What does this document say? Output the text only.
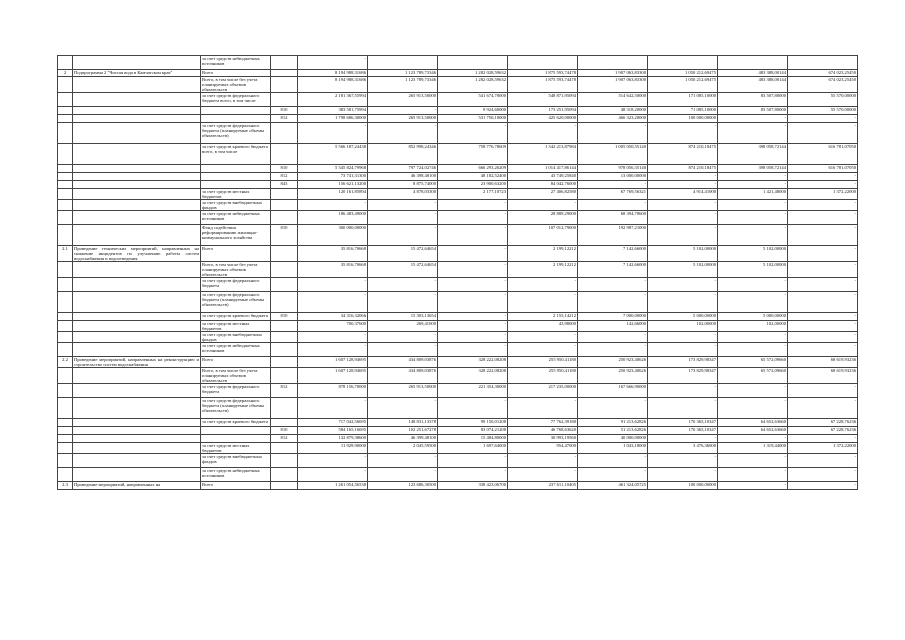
		за счет средств небюджетных источников		-							
2	Подпрограмма 2 "Чистая вода в Камчатском крае"	Всего		8 194 988,31686	1 123 789,73346	1 282 028,59632	1 875 593,74478	1 907 063,83300	1 050 212,69475	483 388,00144	674 023,25450
		Всего, в том числе без учета планируемых объемов обязательств		8 194 988,31686	1 123 789,73346	1 282 028,59632	1 875 593,74478	1 907 063,83300	1 050 212,69475	483 388,00144	674 023,25450
		за счет средств федерального бюджета всего, в том числе		2 181 367,55994	265 913,50000	541 674,70000	548 871,95094	514 642,50000	171 085,10000	83 507,80000	55 570,00000
			810	383 581,75994	-	9 924,60000	173 251,95094	48 318,20000	71 085,10000	83 507,80000	55 570,00000
			812	1 798 686,30000	265 913,50000	531 750,10000	425 620,00000	466 323,20000	100 000,00000	-	-
		за счет средств федерального бюджета (планируемые объемы обязательств)		-	-	-	-	-	-	-	-
		за счет средств краевого бюджета всего, в том числе		5 566 187,24438	852 998,24346	758 776,78609	1 342 213,87984	1 005 050,55140	874 210,18475	398 058,72144	616 781,07050
			810	5 345 824,79968	797 724,02746	666 293,26209	1 014 417,86144	978 056,35140	874 210,18475	398 058,72144	616 781,07050
			812	73 741,31300	46 398,48100	48 182,52400	43 749,25840	13 000,00000	-	-	-
			843	156 621,13200	8 875,74000	23 900,63200	84 042,76000	-	-	-	-
		за счет средств местных бюджетов		120 161,85894	4 878,03300	2 177,10723	27 406,82580	67 769,56321	4 914,41000	1 421,48000	1 372,22000
		за счет средств внебюджетных фондов		-	-	-	-	-	-	-	-
		за счет средств небюджетных источников		186 483,49000	-	-	28 889,29000	68 394,78600	-	-	-
		Фонд содействия реформированию жилищно-коммунального хозяйства	810	300 000,00000	-	-	107 012,79000	192 987,21000	-	-	-
2.1	Проведение технических мероприятий, направленных на снижение инцидентов по улучшению работы систем водоснабжения и водоотведения	Всего		35 816,70668	15 472,64654	-	2 199,12212	7 142,66000	5 102,00000	5 102,00000	-
		Всего, в том числе без учета планируемых объемов обязательств		35 816,70668	15 472,64654	-	2 199,12212	7 142,66000	5 102,00000	5 102,00000	-
		за счет средств федерального бюджета		-	-	-	-	-	-	-	-
		за счет средств федерального бюджета (планируемые объемы обязательств)		-	-	-	-	-	-	-	-
		за счет средств краевого бюджета	810	34 316,32066	15 303,13654	-	2 155,14212	7 000,00000	5 000,00000	5 000,00000	-
		за счет средств местных бюджетов		700,37600	269,41000	-	43,98000	142,66000	102,00000	102,00000	-
		за счет средств внебюджетных фондов		-	-	-	-	-	-	-	-
		за счет средств небюджетных источников		-	-	-	-	-	-	-	-
2.2	Проведение мероприятий, направленных на реконструкцию и строительство систем водоснабжения	Всего		1 607 128,94695	434 809,03876	328 222,08208	255 950,41180	250 923,40626	173 829,98347	65 572,09660	68 619,93236
		Всего, в том числе без учета планируемых объемов обязательств		1 607 128,94695	434 809,03876	328 222,08208	255 950,41180	250 923,40626	173 829,98347	65 572,09660	68 619,93236
		за счет средств федерального бюджета	812	878 156,70000	265 913,50000	221 354,30000	217 235,00000	167 666,90000	-	-	-
		за счет средств федерального бюджета (планируемые объемы обязательств)		-	-	-	-	-	-	-	-
		за счет средств краевого бюджета		717 042,56695	148 831,13378	99 150,01208	77 762,39180	91 213,62826	170 365,10347	64 652,63660	67 228,76236
			810	584 165,16695	102 251,67278	83 074,21208	46 768,63620	51 213,62826	170 365,10347	64 652,63660	67 228,76236
			812	132 879,38600	46 399,48100	15 484,80000	30 993,19560	40 000,00000	-	-	-
		за счет средств местных бюджетов		11 929,90000	2 045,59500	1 697,64000	954,47000	1 043,18000	3 476,36000	1 319,44000	1 372,22000
		за счет средств внебюджетных фондов		-	-	-	-	-	-	-	-
		за счет средств небюджетных источников		-	-	-	-	-	-	-	-
2.3	Проведение мероприятий, направленных на	Всего		1 261 054,56538	123 686,30500	338 423,06700	237 611,10405	461 324,05725	100 000,00000	-	-
